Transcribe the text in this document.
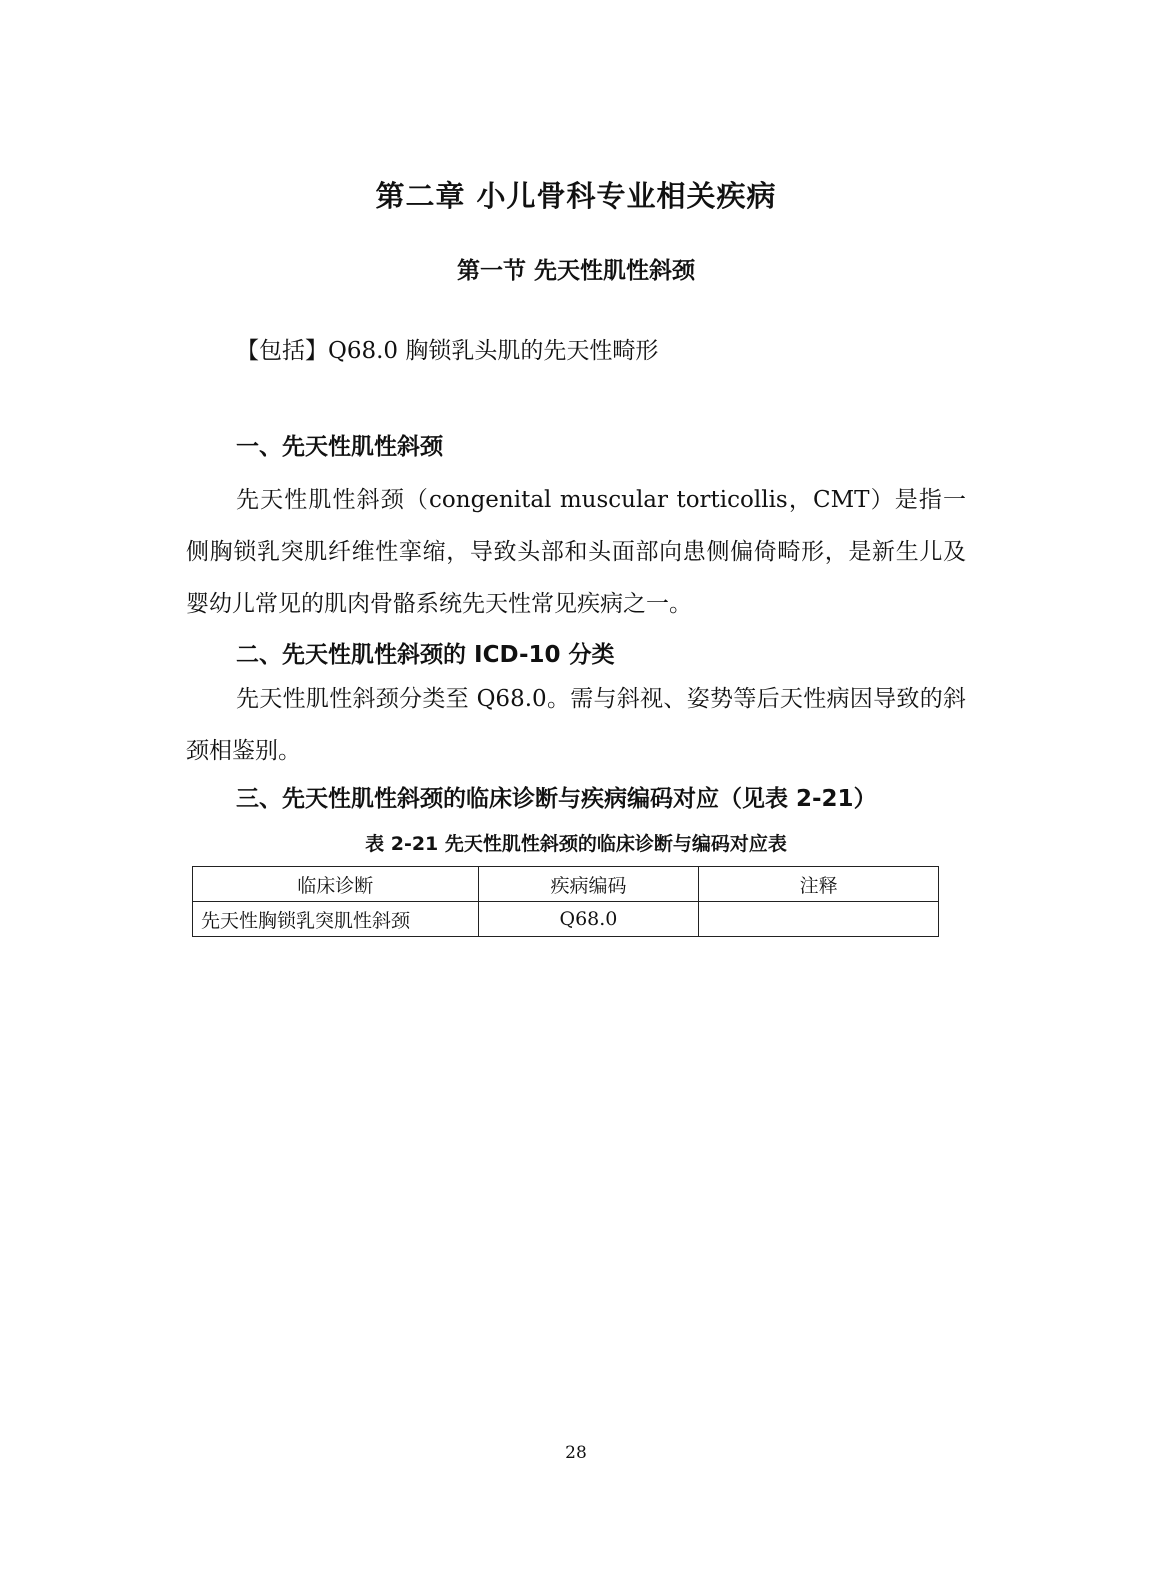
第二章 小儿骨科专业相关疾病
第一节 先天性肌性斜颈
【包括】Q68.0 胸锁乳头肌的先天性畸形
一、先天性肌性斜颈
先天性肌性斜颈（congenital muscular torticollis，CMT）是指一侧胸锁乳突肌纤维性挛缩，导致头部和头面部向患侧偏倚畸形，是新生儿及婴幼儿常见的肌肉骨骼系统先天性常见疾病之一。
二、先天性肌性斜颈的 ICD-10 分类
先天性肌性斜颈分类至 Q68.0。需与斜视、姿势等后天性病因导致的斜颈相鉴别。
三、先天性肌性斜颈的临床诊断与疾病编码对应（见表 2-21）
表 2-21 先天性肌性斜颈的临床诊断与编码对应表
临床诊断	疾病编码	注释
先天性胸锁乳突肌性斜颈	Q68.0	
28
